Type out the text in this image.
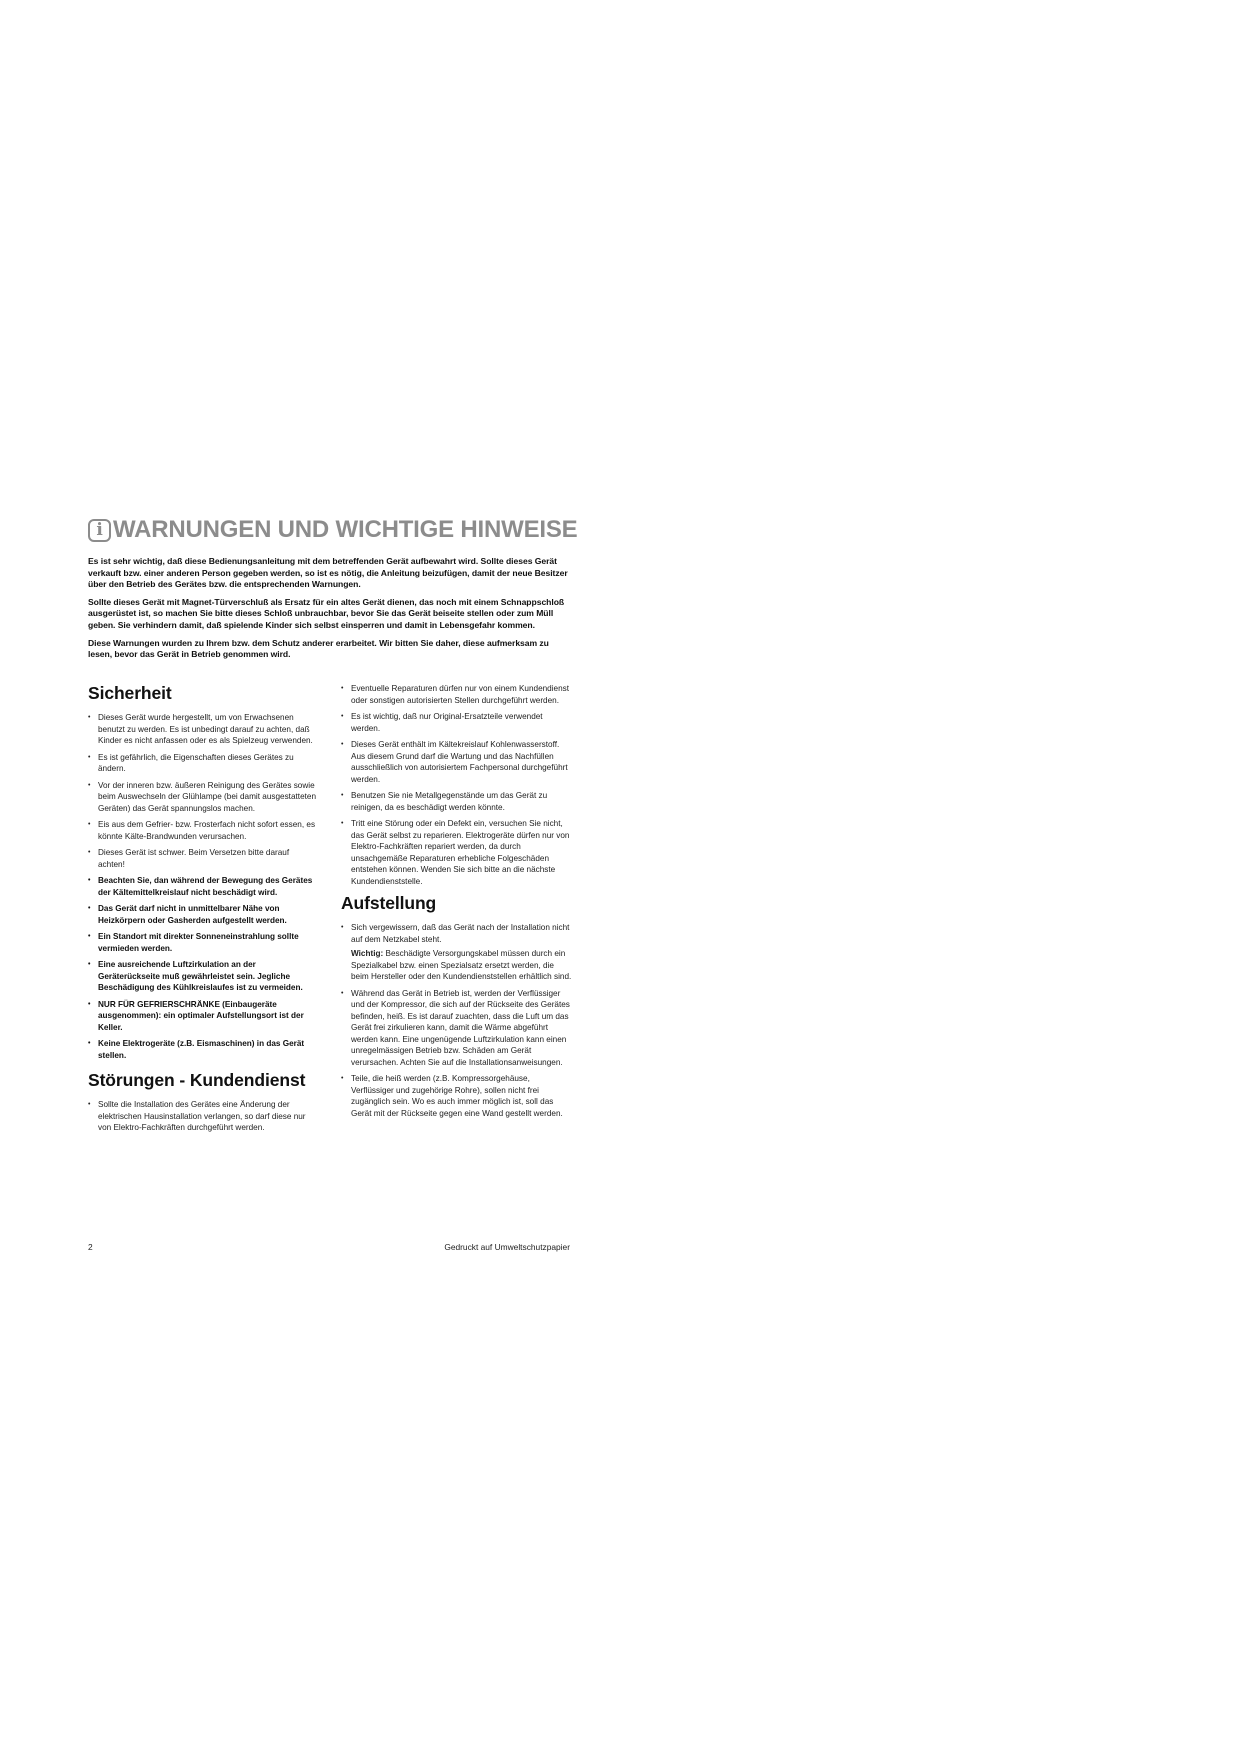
i WARNUNGEN UND WICHTIGE HINWEISE

Es ist sehr wichtig, daß diese Bedienungsanleitung mit dem betreffenden Gerät aufbewahrt wird. Sollte dieses Gerät verkauft bzw. einer anderen Person gegeben werden, so ist es nötig, die Anleitung beizufügen, damit der neue Besitzer über den Betrieb des Gerätes bzw. die entsprechenden Warnungen.

Sollte dieses Gerät mit Magnet-Türverschluß als Ersatz für ein altes Gerät dienen, das noch mit einem Schnappschloß ausgerüstet ist, so machen Sie bitte dieses Schloß unbrauchbar, bevor Sie das Gerät beiseite stellen oder zum Müll geben. Sie verhindern damit, daß spielende Kinder sich selbst einsperren und damit in Lebensgefahr kommen.

Diese Warnungen wurden zu Ihrem bzw. dem Schutz anderer erarbeitet. Wir bitten Sie daher, diese aufmerksam zu lesen, bevor das Gerät in Betrieb genommen wird.

Sicherheit
• Dieses Gerät wurde hergestellt, um von Erwachsenen benutzt zu werden. Es ist unbedingt darauf zu achten, daß Kinder es nicht anfassen oder es als Spielzeug verwenden.
• Es ist gefährlich, die Eigenschaften dieses Gerätes zu ändern.
• Vor der inneren bzw. äußeren Reinigung des Gerätes sowie beim Auswechseln der Glühlampe (bei damit ausgestatteten Geräten) das Gerät spannungslos machen.
• Eis aus dem Gefrier- bzw. Frosterfach nicht sofort essen, es könnte Kälte-Brandwunden verursachen.
• Dieses Gerät ist schwer. Beim Versetzen bitte darauf achten!
• Beachten Sie, dan während der Bewegung des Gerätes der Kältemittelkreislauf nicht beschädigt wird.
• Das Gerät darf nicht in unmittelbarer Nähe von Heizkörpern oder Gasherden aufgestellt werden.
• Ein Standort mit direkter Sonneneinstrahlung sollte vermieden werden.
• Eine ausreichende Luftzirkulation an der Geräterückseite muß gewährleistet sein. Jegliche Beschädigung des Kühlkreislaufes ist zu vermeiden.
• NUR FÜR GEFRIERSCHRÄNKE (Einbaugeräte ausgenommen): ein optimaler Aufstellungsort ist der Keller.
• Keine Elektrogeräte (z.B. Eismaschinen) in das Gerät stellen.
Störungen - Kundendienst
• Sollte die Installation des Gerätes eine Änderung der elektrischen Hausinstallation verlangen, so darf diese nur von Elektro-Fachkräften durchgeführt werden.
• Eventuelle Reparaturen dürfen nur von einem Kundendienst oder sonstigen autorisierten Stellen durchgeführt werden.
• Es ist wichtig, daß nur Original-Ersatzteile verwendet werden.
• Dieses Gerät enthält im Kältekreislauf Kohlenwasserstoff. Aus diesem Grund darf die Wartung und das Nachfüllen ausschließlich von autorisiertem Fachpersonal durchgeführt werden.
• Benutzen Sie nie Metallgegenstände um das Gerät zu reinigen, da es beschädigt werden könnte.
• Tritt eine Störung oder ein Defekt ein, versuchen Sie nicht, das Gerät selbst zu reparieren. Elektrogeräte dürfen nur von Elektro-Fachkräften repariert werden, da durch unsachgemäße Reparaturen erhebliche Folgeschäden entstehen können. Wenden Sie sich bitte an die nächste Kundendienststelle.
Aufstellung
• Sich vergewissern, daß das Gerät nach der Installation nicht auf dem Netzkabel steht.
Wichtig: Beschädigte Versorgungskabel müssen durch ein Spezialkabel bzw. einen Spezialsatz ersetzt werden, die beim Hersteller oder den Kundendienststellen erhältlich sind.
• Während das Gerät in Betrieb ist, werden der Verflüssiger und der Kompressor, die sich auf der Rückseite des Gerätes befinden, heiß. Es ist darauf zuachten, dass die Luft um das Gerät frei zirkulieren kann, damit die Wärme abgeführt werden kann. Eine ungenügende Luftzirkulation kann einen unregelmässigen Betrieb bzw. Schäden am Gerät verursachen. Achten Sie auf die Installationsanweisungen.
• Teile, die heiß werden (z.B. Kompressorgehäuse, Verflüssiger und zugehörige Rohre), sollen nicht frei zugänglich sein. Wo es auch immer möglich ist, soll das Gerät mit der Rückseite gegen eine Wand gestellt werden.
2	Gedruckt auf Umweltschutzpapier
